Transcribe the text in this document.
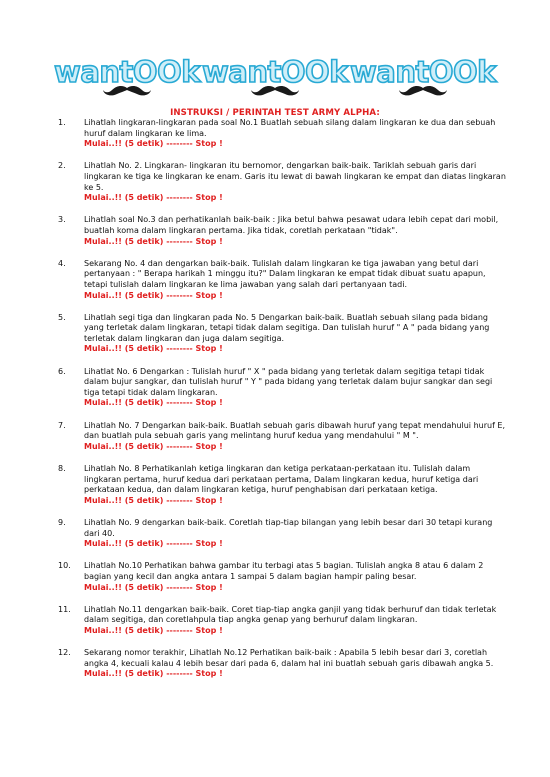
wantOOk wantOOk wantOOk
INSTRUKSI / PERINTAH TEST ARMY ALPHA:
1. Lihatlah lingkaran-lingkaran pada soal No.1 Buatlah sebuah silang dalam lingkaran ke dua dan sebuah huruf dalam lingkaran ke lima.
Mulai..!! (5 detik) -------- Stop !
2. Lihatlah No. 2. Lingkaran- lingkaran itu bernomor, dengarkan baik-baik. Tariklah sebuah garis dari lingkaran ke tiga ke lingkaran ke enam. Garis itu lewat di bawah lingkaran ke empat dan diatas lingkaran ke 5.
Mulai..!! (5 detik) -------- Stop !
3. Lihatlah soal No.3 dan perhatikanlah baik-baik : Jika betul bahwa pesawat udara lebih cepat dari mobil, buatlah koma dalam lingkaran pertama. Jika tidak, coretlah perkataan "tidak".
Mulai..!! (5 detik) -------- Stop !
4. Sekarang No. 4 dan dengarkan baik-baik. Tulislah dalam lingkaran ke tiga jawaban yang betul dari pertanyaan : " Berapa harikah 1 minggu itu?" Dalam lingkaran ke empat tidak dibuat suatu apapun, tetapi tulislah dalam lingkaran ke lima jawaban yang salah dari pertanyaan tadi.
Mulai..!! (5 detik) -------- Stop !
5. Lihatlah segi tiga dan lingkaran pada No. 5 Dengarkan baik-baik. Buatlah sebuah silang pada bidang yang terletak dalam lingkaran, tetapi tidak dalam segitiga. Dan tulislah huruf " A " pada bidang yang terletak dalam lingkaran dan juga dalam segitiga.
Mulai..!! (5 detik) -------- Stop !
6. Lihatlat No. 6 Dengarkan : Tulislah huruf " X " pada bidang yang terletak dalam segitiga tetapi tidak dalam bujur sangkar, dan tulislah huruf " Y " pada bidang yang terletak dalam bujur sangkar dan segi tiga tetapi tidak dalam lingkaran.
Mulai..!! (5 detik) -------- Stop !
7. Lihatlah No. 7 Dengarkan baik-baik. Buatlah sebuah garis dibawah huruf yang tepat mendahului huruf E, dan buatlah pula sebuah garis yang melintang huruf kedua yang mendahului " M ".
Mulai..!! (5 detik) -------- Stop !
8. Lihatlah No. 8 Perhatikanlah ketiga lingkaran dan ketiga perkataan-perkataan itu. Tulislah dalam lingkaran pertama, huruf kedua dari perkataan pertama, Dalam lingkaran kedua, huruf ketiga dari perkataan kedua, dan dalam lingkaran ketiga, huruf penghabisan dari perkataan ketiga.
Mulai..!! (5 detik) -------- Stop !
9. Lihatlah No. 9 dengarkan baik-baik. Coretlah tiap-tiap bilangan yang lebih besar dari 30 tetapi kurang dari 40.
Mulai..!! (5 detik) -------- Stop !
10. Lihatlah No.10 Perhatikan bahwa gambar itu terbagi atas 5 bagian. Tulislah angka 8 atau 6 dalam 2 bagian yang kecil dan angka antara 1 sampai 5 dalam bagian hampir paling besar.
Mulai..!! (5 detik) -------- Stop !
11. Lihatlah No.11 dengarkan baik-baik. Coret tiap-tiap angka ganjil yang tidak berhuruf dan tidak terletak dalam segitiga, dan coretlahpula tiap angka genap yang berhuruf dalam lingkaran.
Mulai..!! (5 detik) -------- Stop !
12. Sekarang nomor terakhir, Lihatlah No.12 Perhatikan baik-baik : Apabila 5 lebih besar dari 3, coretlah angka 4, kecuali kalau 4 lebih besar dari pada 6, dalam hal ini buatlah sebuah garis dibawah angka 5.
Mulai..!! (5 detik) -------- Stop !
